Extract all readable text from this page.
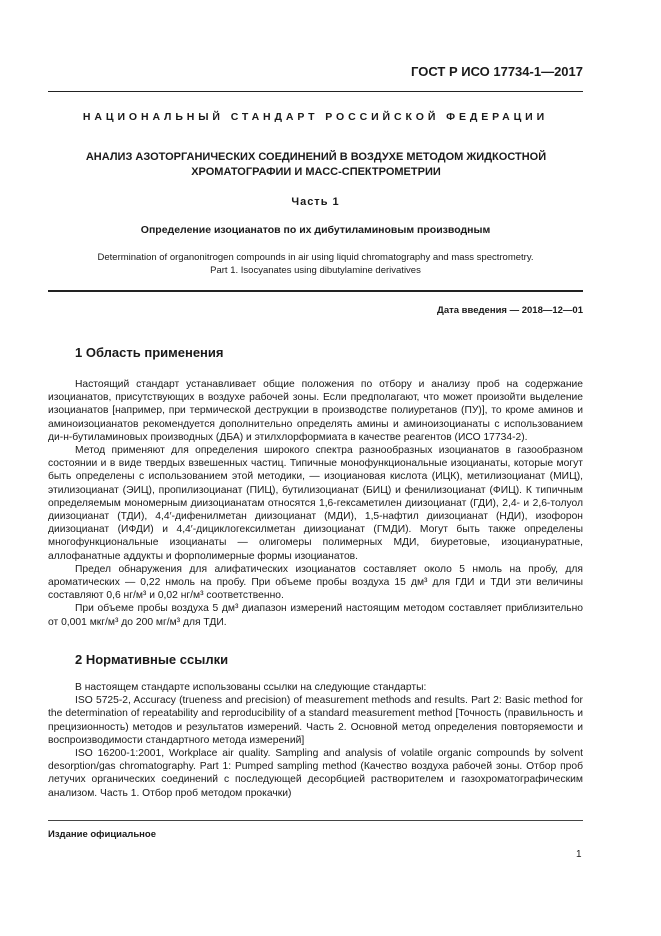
ГОСТ Р ИСО 17734-1—2017
НАЦИОНАЛЬНЫЙ СТАНДАРТ РОССИЙСКОЙ ФЕДЕРАЦИИ
АНАЛИЗ АЗОТОРГАНИЧЕСКИХ СОЕДИНЕНИЙ В ВОЗДУХЕ МЕТОДОМ ЖИДКОСТНОЙ
ХРОМАТОГРАФИИ И МАСС-СПЕКТРОМЕТРИИ
Часть 1
Определение изоцианатов по их дибутиламиновым производным
Determination of organonitrogen compounds in air using liquid chromatography and mass spectrometry.
Part 1. Isocyanates using dibutylamine derivatives
Дата введения — 2018—12—01
1 Область применения

Настоящий стандарт устанавливает общие положения по отбору и анализу проб на содержание изоцианатов, присутствующих в воздухе рабочей зоны. Если предполагают, что может произойти выделение изоцианатов [например, при термической деструкции в производстве полиуретанов (ПУ)], то кроме аминов и аминоизоцианатов рекомендуется дополнительно определять амины и аминоизоцианаты с использованием ди-н-бутиламиновых производных (ДБА) и этилхлорформиата в качестве реагентов (ИСО 17734-2).

Метод применяют для определения широкого спектра разнообразных изоцианатов в газообразном состоянии и в виде твердых взвешенных частиц. Типичные монофункциональные изоцианаты, которые могут быть определены с использованием этой методики, — изоциановая кислота (ИЦК), метилизоцианат (МИЦ), этилизоцианат (ЭИЦ), пропилизоцианат (ПИЦ), бутилизоцианат (БИЦ) и фенилизоцианат (ФИЦ). К типичным определяемым мономерным диизоцианатам относятся 1,6-гексаметилен диизоцианат (ГДИ), 2,4- и 2,6-толуол диизоцианат (ТДИ), 4,4′-дифенилметан диизоцианат (МДИ), 1,5-нафтил диизоцианат (НДИ), изофорон диизоцианат (ИФДИ) и 4,4′-дициклогексилметан диизоцианат (ГМДИ). Могут быть также определены многофункциональные изоцианаты — олигомеры полимерных МДИ, биуретовые, изоциануратные, аллофанатные аддукты и форполимерные формы изоцианатов.

Предел обнаружения для алифатических изоцианатов составляет около 5 нмоль на пробу, для ароматических — 0,22 нмоль на пробу. При объеме пробы воздуха 15 дм³ для ГДИ и ТДИ эти величины составляют 0,6 нг/м³ и 0,02 нг/м³ соответственно.

При объеме пробы воздуха 5 дм³ диапазон измерений настоящим методом составляет приблизительно от 0,001 мкг/м³ до 200 мг/м³ для ТДИ.

2 Нормативные ссылки

В настоящем стандарте использованы ссылки на следующие стандарты:

ISO 5725-2, Accuracy (trueness and precision) of measurement methods and results. Part 2: Basic method for the determination of repeatability and reproducibility of a standard measurement method [Точность (правильность и прецизионность) методов и результатов измерений. Часть 2. Основной метод определения повторяемости и воспроизводимости стандартного метода измерений]

ISO 16200-1:2001, Workplace air quality. Sampling and analysis of volatile organic compounds by solvent desorption/gas chromatography. Part 1: Pumped sampling method (Качество воздуха рабочей зоны. Отбор проб летучих органических соединений с последующей десорбцией растворителем и газохроматографическим анализом. Часть 1. Отбор проб методом прокачки)

Издание официальное
1
